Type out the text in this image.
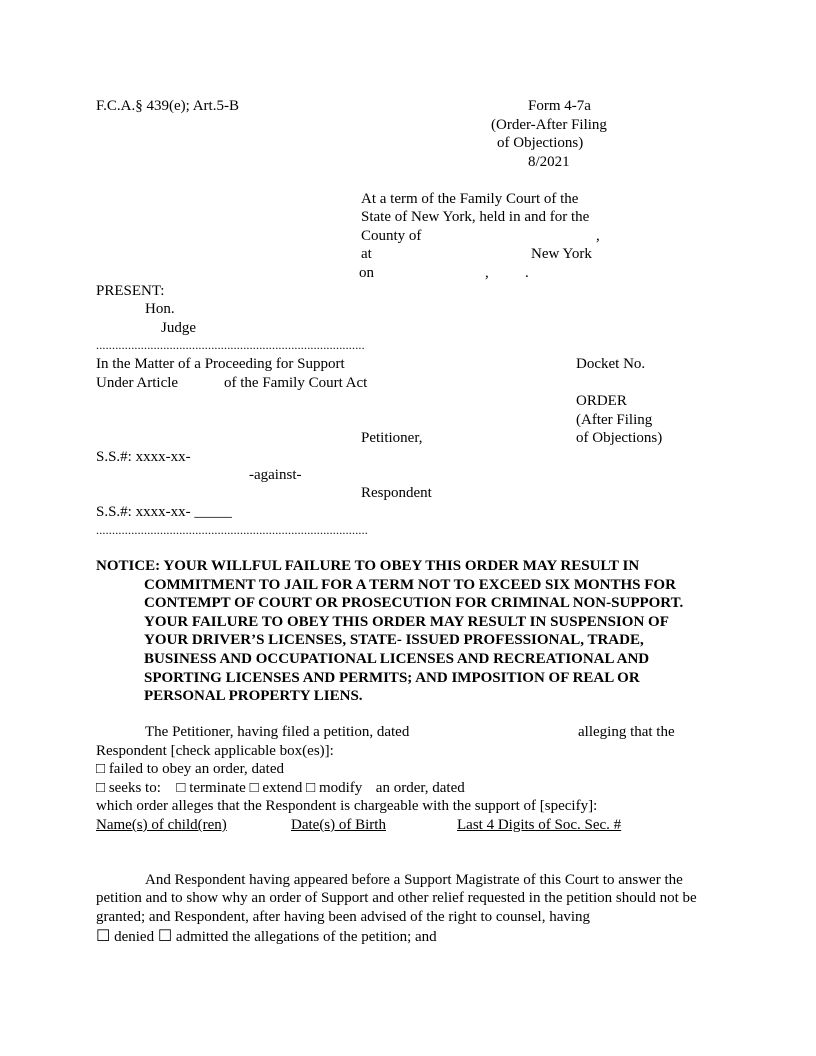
F.C.A.§ 439(e); Art.5-B	Form 4-7a
(Order-After Filing
of Objections)
8/2021
At a term of the Family Court of the
State of New York, held in and for the
County of	,
at	New York
on	, .
PRESENT:
Hon.
Judge
....................................................................................
In the Matter of a Proceeding for Support	Docket No.
Under Article	of the Family Court Act
ORDER
(After Filing
Petitioner,	of Objections)
S.S.#: xxxx-xx-
-against-
Respondent
S.S.#: xxxx-xx- _____
.....................................................................................
NOTICE: YOUR WILLFUL FAILURE TO OBEY THIS ORDER MAY RESULT IN
COMMITMENT TO JAIL FOR A TERM NOT TO EXCEED SIX MONTHS FOR
CONTEMPT OF COURT OR PROSECUTION FOR CRIMINAL NON-SUPPORT.
YOUR FAILURE TO OBEY THIS ORDER MAY RESULT IN SUSPENSION OF
YOUR DRIVER’S LICENSES, STATE- ISSUED PROFESSIONAL, TRADE,
BUSINESS AND OCCUPATIONAL LICENSES AND RECREATIONAL AND
SPORTING LICENSES AND PERMITS; AND IMPOSITION OF REAL OR
PERSONAL PROPERTY LIENS.
The Petitioner, having filed a petition, dated	alleging that the
Respondent [check applicable box(es)]:
□ failed to obey an order, dated
□ seeks to: □ terminate □ extend □ modify an order, dated
which order alleges that the Respondent is chargeable with the support of [specify]:
Name(s) of child(ren)	Date(s) of Birth	Last 4 Digits of Soc. Sec. #
And Respondent having appeared before a Support Magistrate of this Court to answer the
petition and to show why an order of Support and other relief requested in the petition should not be
granted; and Respondent, after having been advised of the right to counsel, having
☐ denied ☐ admitted the allegations of the petition; and
